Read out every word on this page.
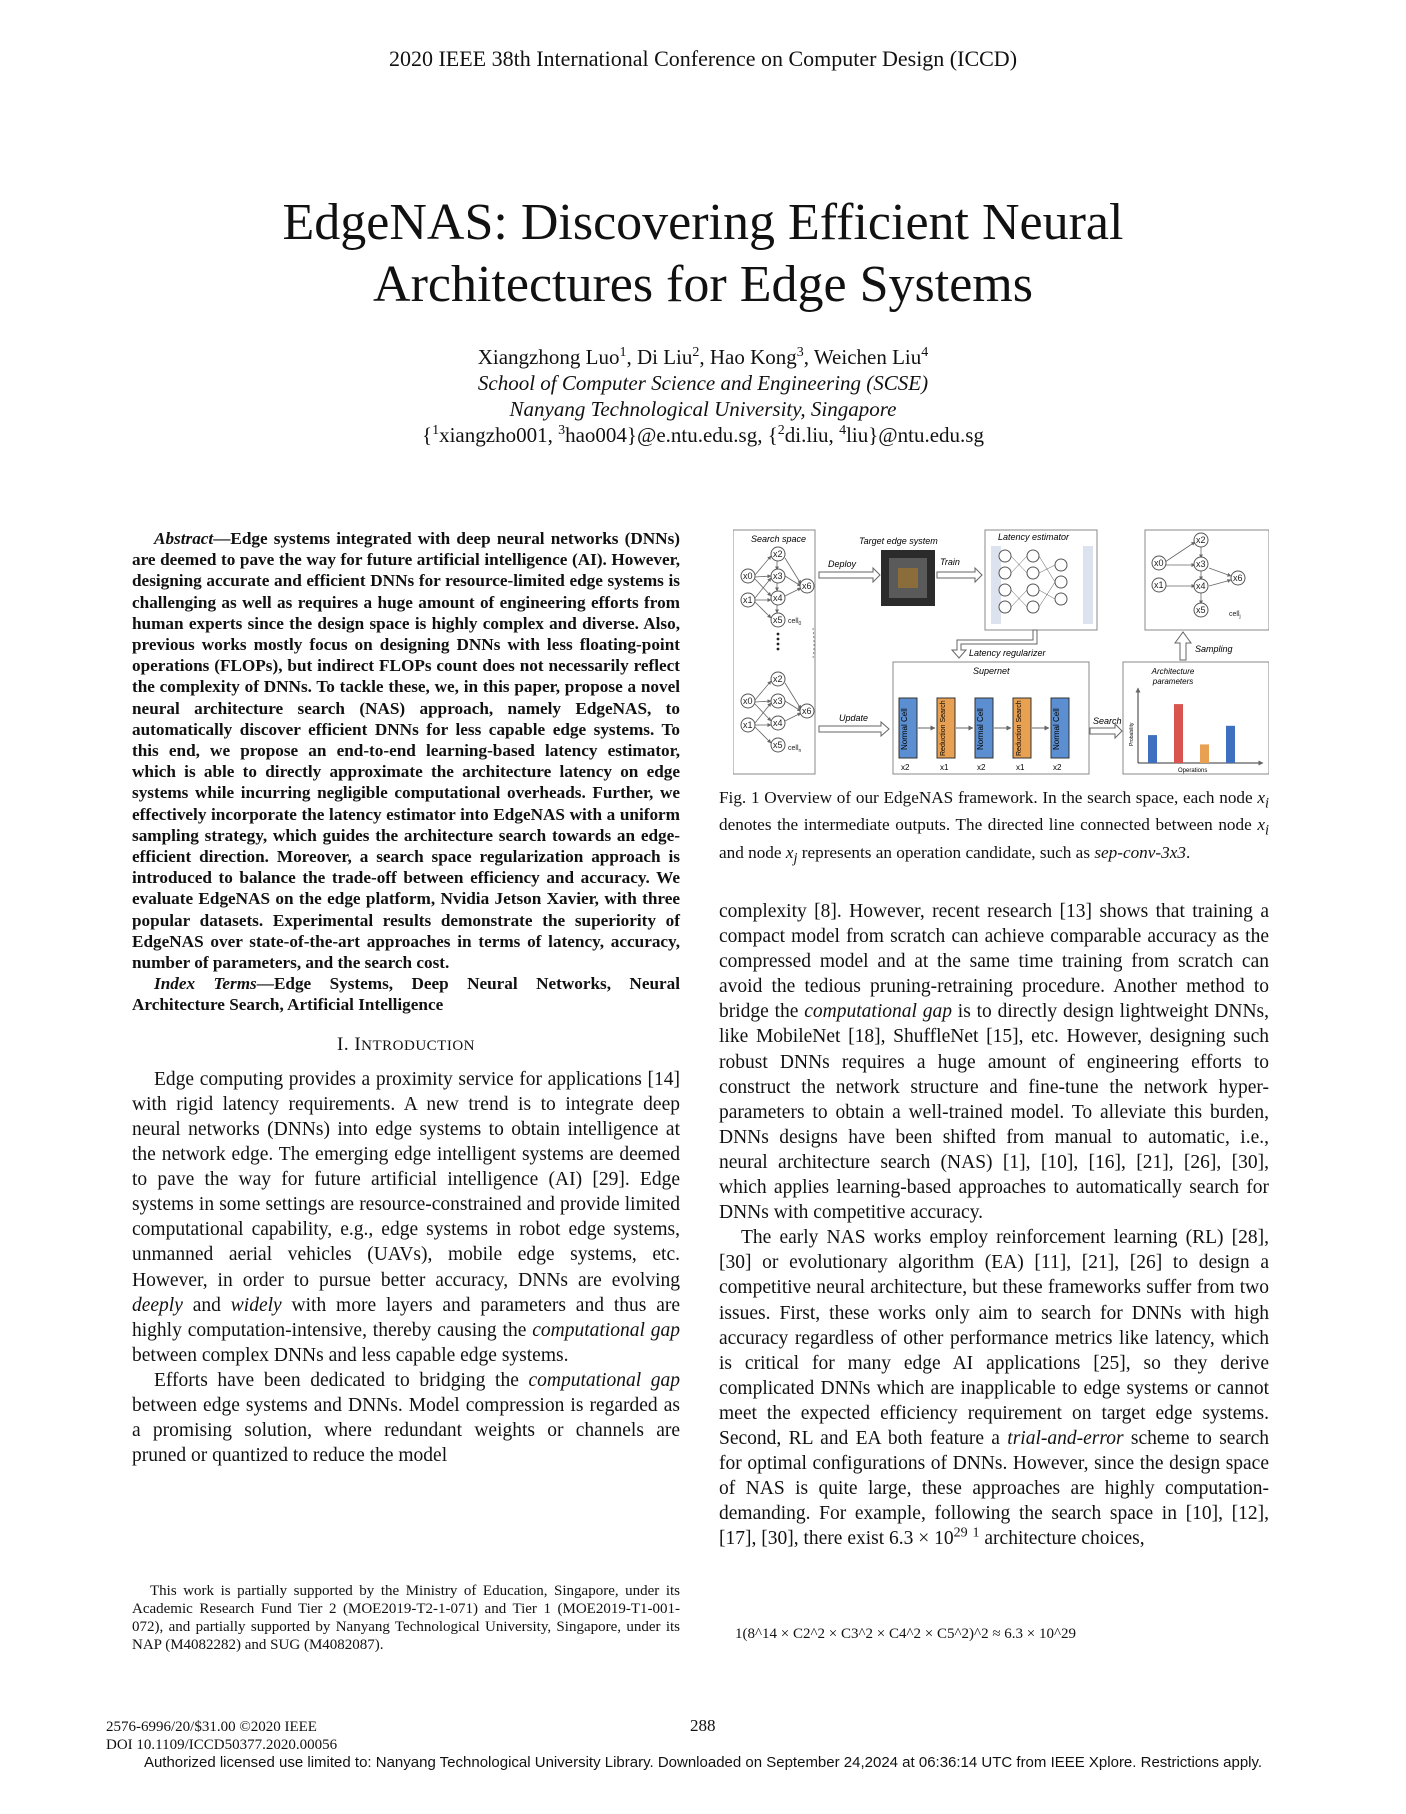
2020 IEEE 38th International Conference on Computer Design (ICCD)
EdgeNAS: Discovering Efficient Neural
Architectures for Edge Systems
Xiangzhong Luo$^1$, Di Liu$^2$, Hao Kong$^3$, Weichen Liu$^4$
School of Computer Science and Engineering (SCSE)
Nanyang Technological University, Singapore
{$^1$xiangzho001, $^3$hao004}@e.ntu.edu.sg, {$^2$di.liu, $^4$liu}@ntu.edu.sg

Abstract—Edge systems integrated with deep neural networks (DNNs) are deemed to pave the way for future artificial intelligence (AI). However, designing accurate and efficient DNNs for resource-limited edge systems is challenging as well as requires a huge amount of engineering efforts from human experts since the design space is highly complex and diverse. Also, previous works mostly focus on designing DNNs with less floating-point operations (FLOPs), but indirect FLOPs count does not necessarily reflect the complexity of DNNs. To tackle these, we, in this paper, propose a novel neural architecture search (NAS) approach, namely EdgeNAS, to automatically discover efficient DNNs for less capable edge systems. To this end, we propose an end-to-end learning-based latency estimator, which is able to directly approximate the architecture latency on edge systems while incurring negligible computational overheads. Further, we effectively incorporate the latency estimator into EdgeNAS with a uniform sampling strategy, which guides the architecture search towards an edge-efficient direction. Moreover, a search space regularization approach is introduced to balance the trade-off between efficiency and accuracy. We evaluate EdgeNAS on the edge platform, Nvidia Jetson Xavier, with three popular datasets. Experimental results demonstrate the superiority of EdgeNAS over state-of-the-art approaches in terms of latency, accuracy, number of parameters, and the search cost.

Index Terms—Edge Systems, Deep Neural Networks, Neural Architecture Search, Artificial Intelligence

I. INTRODUCTION

Edge computing provides a proximity service for applications [14] with rigid latency requirements. A new trend is to integrate deep neural networks (DNNs) into edge systems to obtain intelligence at the network edge. The emerging edge intelligent systems are deemed to pave the way for future artificial intelligence (AI) [29]. Edge systems in some settings are resource-constrained and provide limited computational capability, e.g., edge systems in robot edge systems, unmanned aerial vehicles (UAVs), mobile edge systems, etc. However, in order to pursue better accuracy, DNNs are evolving deeply and widely with more layers and parameters and thus are highly computation-intensive, thereby causing the computational gap between complex DNNs and less capable edge systems.

Efforts have been dedicated to bridging the computational gap between edge systems and DNNs. Model compression is regarded as a promising solution, where redundant weights or channels are pruned or quantized to reduce the model

This work is partially supported by the Ministry of Education, Singapore, under its Academic Research Fund Tier 2 (MOE2019-T2-1-071) and Tier 1 (MOE2019-T1-001-072), and partially supported by Nanyang Technological University, Singapore, under its NAP (M4082282) and SUG (M4082087).
Search space
x0
x1
x2
x3
x4
x5
x6
cell$_0$
x0
x1
x2
x3
x4
x5
x6
cell$_n$
Target edge system
Deploy	Train
Latency estimator
Latency regularizer
Supernet
Update
Normal Cell
Reduction Search
Normal Cell
Reduction Search
Normal Cell
x2	x1	x2	x1	x2
Search
Architecture
parameters
Probability
Operations
Sampling
x0
x1
x2
x3
x4
x5
x6
cell$_j$
Fig. 1 Overview of our EdgeNAS framework. In the search space, each node $x_i$ denotes the intermediate outputs. The directed line connected between node $x_i$ and node $x_j$ represents an operation candidate, such as sep-conv-3x3.

complexity [8]. However, recent research [13] shows that training a compact model from scratch can achieve comparable accuracy as the compressed model and at the same time training from scratch can avoid the tedious pruning-retraining procedure. Another method to bridge the computational gap is to directly design lightweight DNNs, like MobileNet [18], ShuffleNet [15], etc. However, designing such robust DNNs requires a huge amount of engineering efforts to construct the network structure and fine-tune the network hyper-parameters to obtain a well-trained model. To alleviate this burden, DNNs designs have been shifted from manual to automatic, i.e., neural architecture search (NAS) [1], [10], [16], [21], [26], [30], which applies learning-based approaches to automatically search for DNNs with competitive accuracy.

The early NAS works employ reinforcement learning (RL) [28], [30] or evolutionary algorithm (EA) [11], [21], [26] to design a competitive neural architecture, but these frameworks suffer from two issues. First, these works only aim to search for DNNs with high accuracy regardless of other performance metrics like latency, which is critical for many edge AI applications [25], so they derive complicated DNNs which are inapplicable to edge systems or cannot meet the expected efficiency requirement on target edge systems. Second, RL and EA both feature a trial-and-error scheme to search for optimal configurations of DNNs. However, since the design space of NAS is quite large, these approaches are highly computation-demanding. For example, following the search space in [10], [12], [17], [30], there exist $6.3 \times 10^{29}$ $^1$ architecture choices,

1(8^14 × C2^2 × C3^2 × C4^2 × C5^2)^2 ≈ 6.3 × 10^29
2576-6996/20/$31.00 ©2020 IEEE
DOI 10.1109/ICCD50377.2020.00056
288
Authorized licensed use limited to: Nanyang Technological University Library. Downloaded on September 24,2024 at 06:36:14 UTC from IEEE Xplore. Restrictions apply.
